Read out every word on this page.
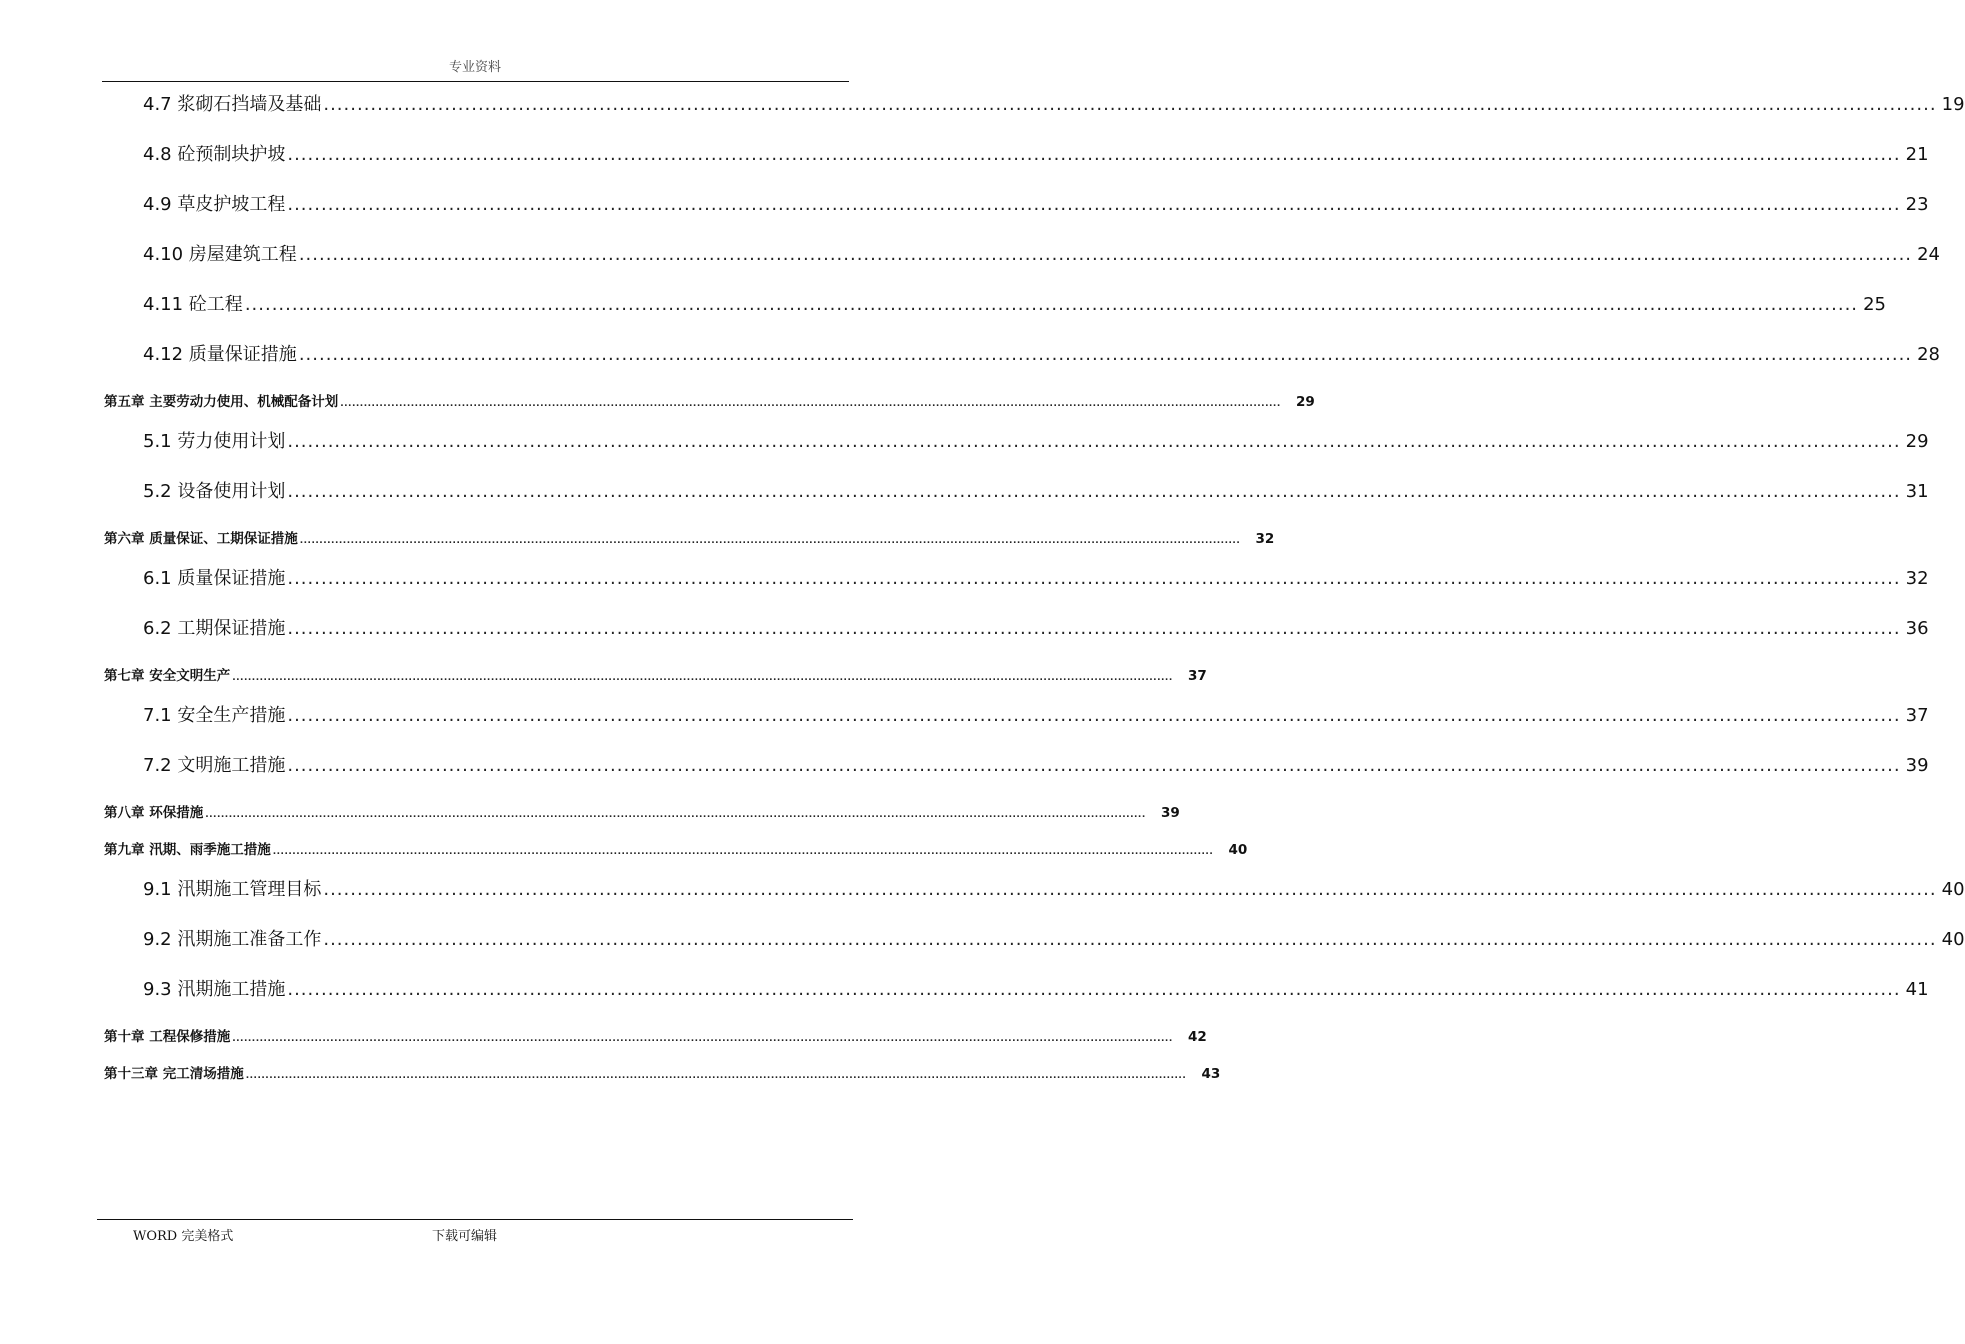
专业资料
4.7 浆砌石挡墙及基础 ................................................................................................................................................................................................................................................ 19
4.8 砼预制块护坡 ................................................................................................................................................................................................................................................ 21
4.9 草皮护坡工程 ................................................................................................................................................................................................................................................ 23
4.10 房屋建筑工程 ................................................................................................................................................................................................................................................ 24
4.11 砼工程 ................................................................................................................................................................................................................................................ 25
4.12 质量保证措施 ................................................................................................................................................................................................................................................ 28
第五章 主要劳动力使用、机械配备计划 ................................................................................................................................................................................................................................................ 29
5.1 劳力使用计划 ................................................................................................................................................................................................................................................ 29
5.2 设备使用计划 ................................................................................................................................................................................................................................................ 31
第六章 质量保证、工期保证措施 ................................................................................................................................................................................................................................................ 32
6.1 质量保证措施 ................................................................................................................................................................................................................................................ 32
6.2 工期保证措施 ................................................................................................................................................................................................................................................ 36
第七章 安全文明生产 ................................................................................................................................................................................................................................................ 37
7.1 安全生产措施 ................................................................................................................................................................................................................................................ 37
7.2 文明施工措施 ................................................................................................................................................................................................................................................ 39
第八章 环保措施 ................................................................................................................................................................................................................................................ 39
第九章 汛期、雨季施工措施 ................................................................................................................................................................................................................................................ 40
9.1 汛期施工管理目标 ................................................................................................................................................................................................................................................ 40
9.2 汛期施工准备工作 ................................................................................................................................................................................................................................................ 40
9.3 汛期施工措施 ................................................................................................................................................................................................................................................ 41
第十章 工程保修措施 ................................................................................................................................................................................................................................................ 42
第十三章 完工清场措施 ................................................................................................................................................................................................................................................ 43
WORD 完美格式	下载可编辑
